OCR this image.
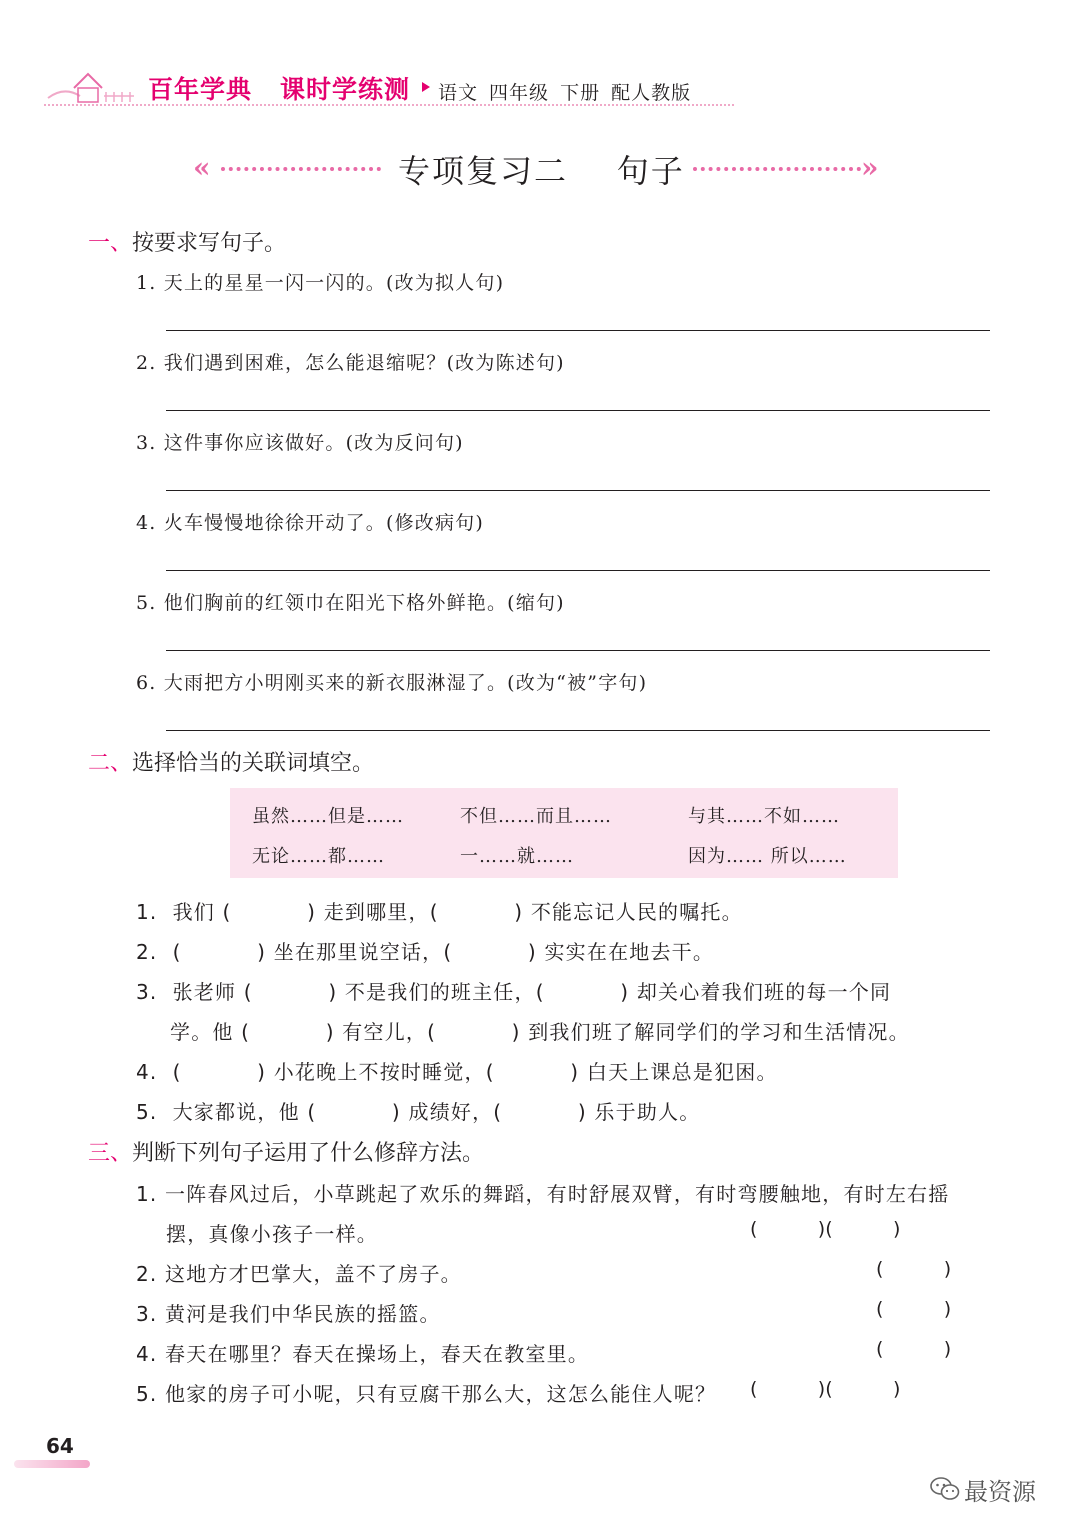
百年学典 课时学练测 语文 四年级 下册 配人教版
«	专项复习二    句子	»
一、按要求写句子。
1. 天上的星星一闪一闪的。(改为拟人句)
2. 我们遇到困难，怎么能退缩呢？(改为陈述句)
3. 这件事你应该做好。(改为反问句)
4. 火车慢慢地徐徐开动了。(修改病句)
5. 他们胸前的红领巾在阳光下格外鲜艳。(缩句)
6. 大雨把方小明刚买来的新衣服淋湿了。(改为“被”字句)
二、选择恰当的关联词填空。
虽然……但是……	不但……而且……	与其……不如……
无论……都……	一……就……	因为…… 所以……
1.  我们 (          ) 走到哪里，(          ) 不能忘记人民的嘱托。
2.  (          ) 坐在那里说空话，(          ) 实实在在地去干。
3.  张老师 (          ) 不是我们的班主任，(          ) 却关心着我们班的每一个同
学。他 (          ) 有空儿，(          ) 到我们班了解同学们的学习和生活情况。
4.  (          ) 小花晚上不按时睡觉，(          ) 白天上课总是犯困。
5.  大家都说，他 (          ) 成绩好，(          ) 乐于助人。
三、判断下列句子运用了什么修辞方法。
1. 一阵春风过后，小草跳起了欢乐的舞蹈，有时舒展双臂，有时弯腰触地，有时左右摇
摆，真像小孩子一样。	(          )(          )
2. 这地方才巴掌大，盖不了房子。	(          )
3. 黄河是我们中华民族的摇篮。	(          )
4. 春天在哪里？春天在操场上，春天在教室里。	(          )
5. 他家的房子可小呢，只有豆腐干那么大，这怎么能住人呢？ (          )(          )
64
最资源
